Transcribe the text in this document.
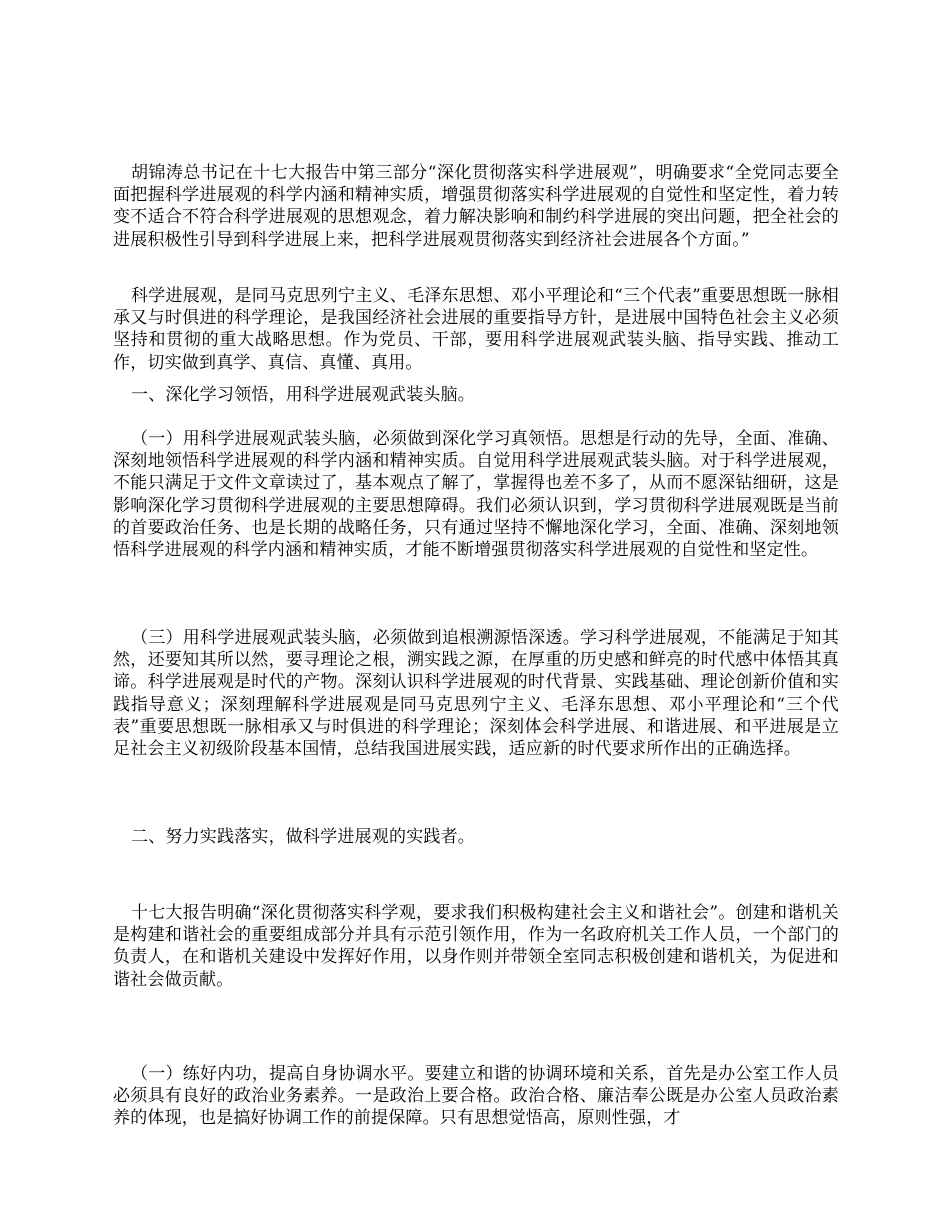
胡锦涛总书记在十七大报告中第三部分“深化贯彻落实科学进展观”，明确要求“全党同志要全面把握科学进展观的科学内涵和精神实质，增强贯彻落实科学进展观的自觉性和坚定性，着力转变不适合不符合科学进展观的思想观念，着力解决影响和制约科学进展的突出问题，把全社会的进展积极性引导到科学进展上来，把科学进展观贯彻落实到经济社会进展各个方面。”

科学进展观，是同马克思列宁主义、毛泽东思想、邓小平理论和“三个代表”重要思想既一脉相承又与时俱进的科学理论，是我国经济社会进展的重要指导方针，是进展中国特色社会主义必须坚持和贯彻的重大战略思想。作为党员、干部，要用科学进展观武装头脑、指导实践、推动工作，切实做到真学、真信、真懂、真用。

一、深化学习领悟，用科学进展观武装头脑。

（一）用科学进展观武装头脑，必须做到深化学习真领悟。思想是行动的先导，全面、准确、深刻地领悟科学进展观的科学内涵和精神实质。自觉用科学进展观武装头脑。对于科学进展观，不能只满足于文件文章读过了，基本观点了解了，掌握得也差不多了，从而不愿深钻细研，这是影响深化学习贯彻科学进展观的主要思想障碍。我们必须认识到，学习贯彻科学进展观既是当前的首要政治任务、也是长期的战略任务，只有通过坚持不懈地深化学习，全面、准确、深刻地领悟科学进展观的科学内涵和精神实质，才能不断增强贯彻落实科学进展观的自觉性和坚定性。

（三）用科学进展观武装头脑，必须做到追根溯源悟深透。学习科学进展观，不能满足于知其然，还要知其所以然，要寻理论之根，溯实践之源，在厚重的历史感和鲜亮的时代感中体悟其真谛。科学进展观是时代的产物。深刻认识科学进展观的时代背景、实践基础、理论创新价值和实践指导意义；深刻理解科学进展观是同马克思列宁主义、毛泽东思想、邓小平理论和“三个代表”重要思想既一脉相承又与时俱进的科学理论；深刻体会科学进展、和谐进展、和平进展是立足社会主义初级阶段基本国情，总结我国进展实践，适应新的时代要求所作出的正确选择。

二、努力实践落实，做科学进展观的实践者。

十七大报告明确“深化贯彻落实科学观，要求我们积极构建社会主义和谐社会”。创建和谐机关是构建和谐社会的重要组成部分并具有示范引领作用，作为一名政府机关工作人员，一个部门的负责人，在和谐机关建设中发挥好作用，以身作则并带领全室同志积极创建和谐机关，为促进和谐社会做贡献。

（一）练好内功，提高自身协调水平。要建立和谐的协调环境和关系，首先是办公室工作人员必须具有良好的政治业务素养。一是政治上要合格。政治合格、廉洁奉公既是办公室人员政治素养的体现，也是搞好协调工作的前提保障。只有思想觉悟高，原则性强，才
